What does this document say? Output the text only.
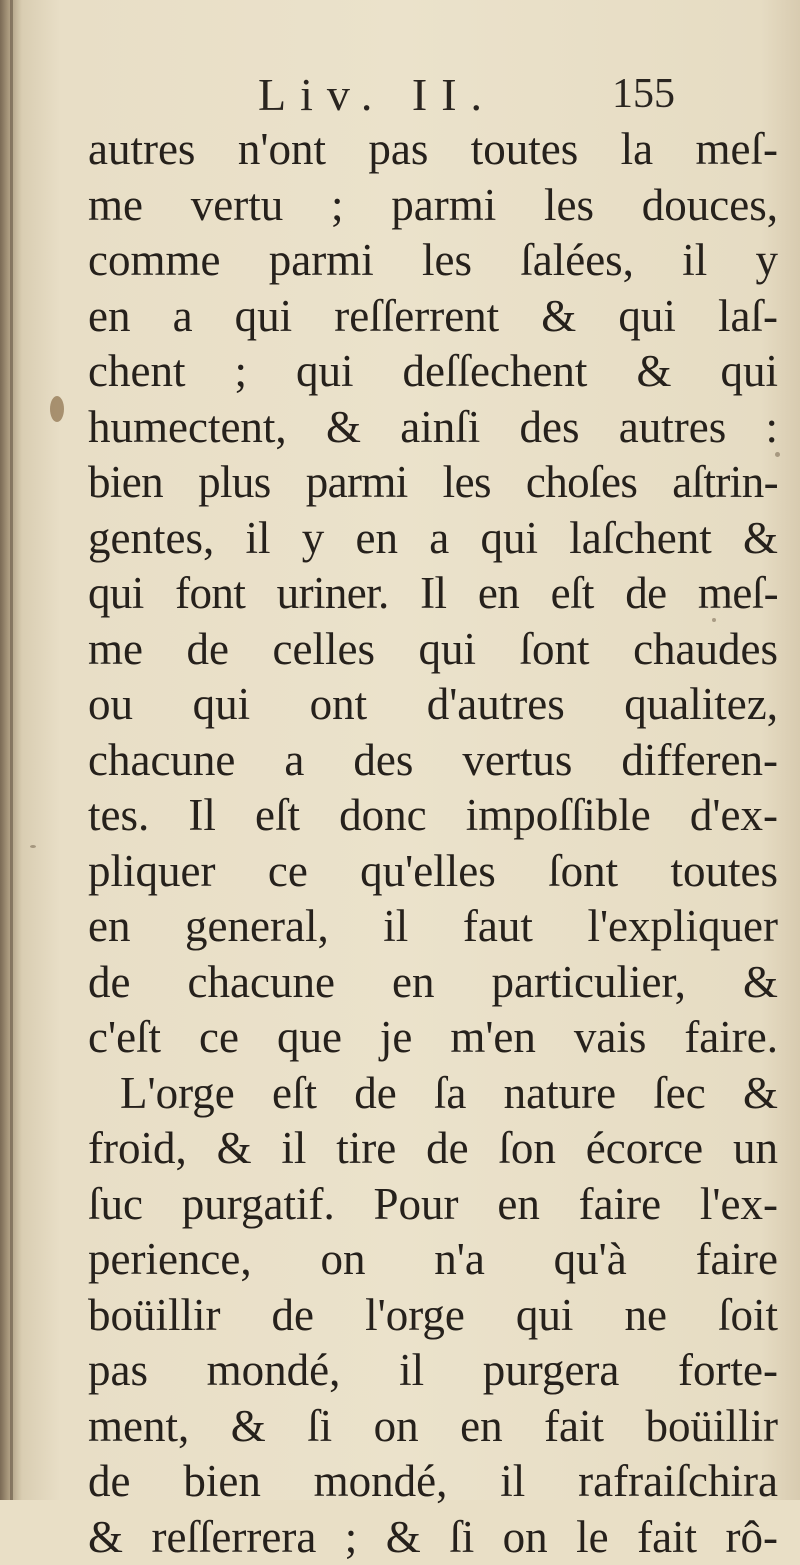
Liv. II.	155
autres n'ont pas toutes la meſ-
me vertu ; parmi les douces,
comme parmi les ſalées, il y
en a qui reſſerrent & qui laſ-
chent ; qui deſſechent & qui
humectent, & ainſi des autres :
bien plus parmi les choſes aſtrin-
gentes, il y en a qui laſchent &
qui font uriner. Il en eſt de meſ-
me de celles qui ſont chaudes
ou qui ont d'autres qualitez,
chacune a des vertus differen-
tes. Il eſt donc impoſſible d'ex-
pliquer ce qu'elles ſont toutes
en general, il faut l'expliquer
de chacune en particulier, &
c'eſt ce que je m'en vais faire.
L'orge eſt de ſa nature ſec &
froid, & il tire de ſon écorce un
ſuc purgatif. Pour en faire l'ex-
perience, on n'a qu'à faire
boüillir de l'orge qui ne ſoit
pas mondé, il purgera forte-
ment, & ſi on en fait boüillir
de bien mondé, il rafraiſchira
& reſſerrera ; & ſi on le fait rô-
